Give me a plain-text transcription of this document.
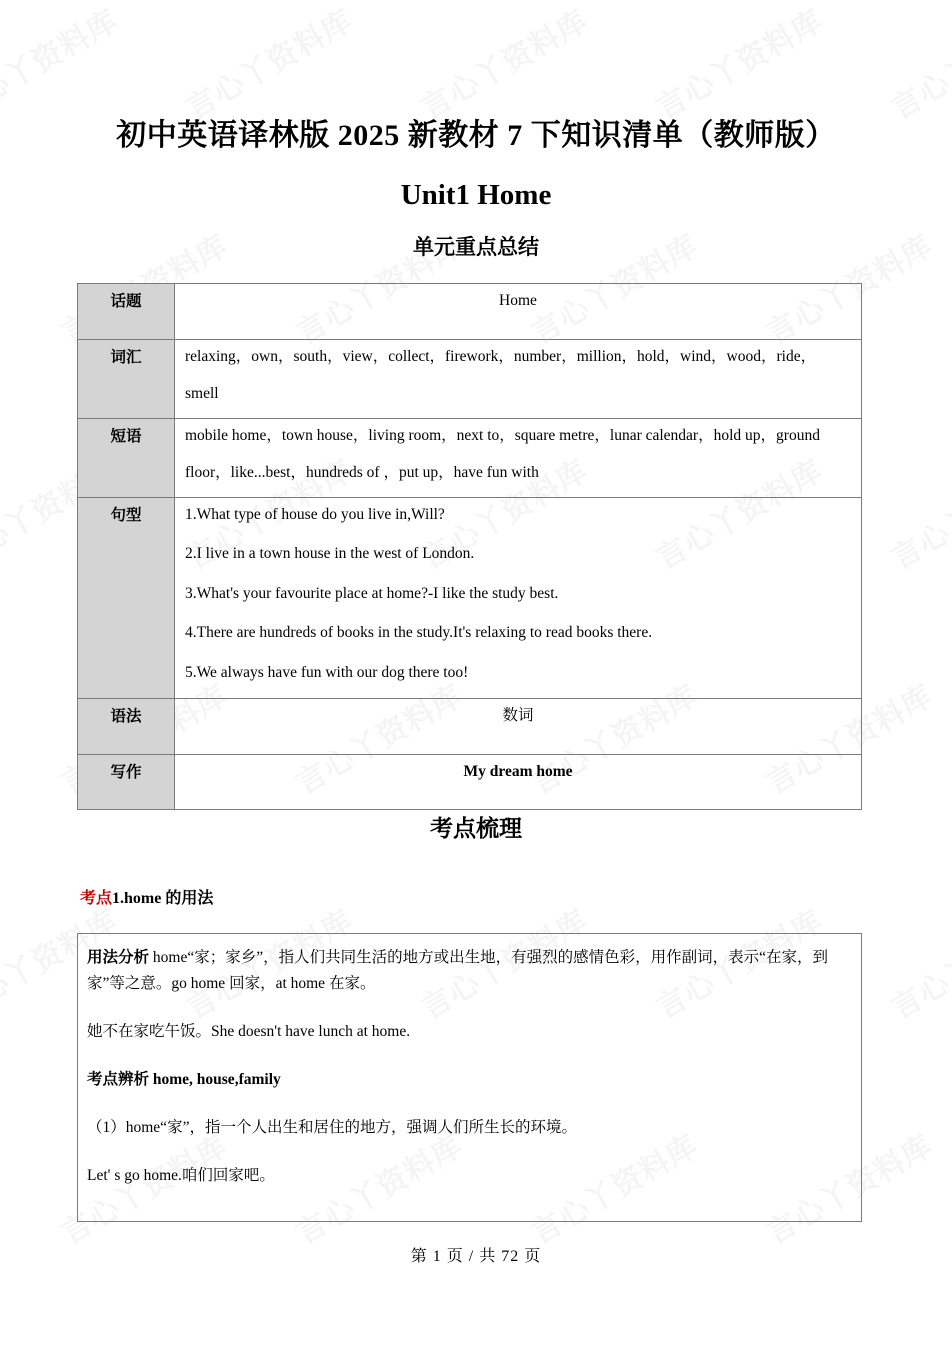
初中英语译林版 2025 新教材 7 下知识清单（教师版）
Unit1 Home
单元重点总结
话题	Home

词汇	relaxing，own，south，view，collect，firework，number，million，hold，wind，wood，ride，
smell

短语	mobile home，town house，living room，next to，square metre，lunar calendar，hold up，ground
floor，like...best，hundreds of ，put up，have fun with

句型	1.What type of house do you live in,Will?
2.I live in a town house in the west of London.
3.What's your favourite place at home?-I like the study best.
4.There are hundreds of books in the study.It's relaxing to read books there.
5.We always have fun with our dog there too!

语法	数词

写作	My dream home
考点梳理
考点1.home 的用法

用法分析 home“家；家乡”，指人们共同生活的地方或出生地，有强烈的感情色彩，用作副词，表示“在家，到家”等之意。go home 回家，at home 在家。

她不在家吃午饭。She doesn't have lunch at home.

考点辨析 home, house,family

（1）home“家”，指一个人出生和居住的地方，强调人们所生长的环境。

Let' s go home.咱们回家吧。

第 1 页 / 共 72 页
